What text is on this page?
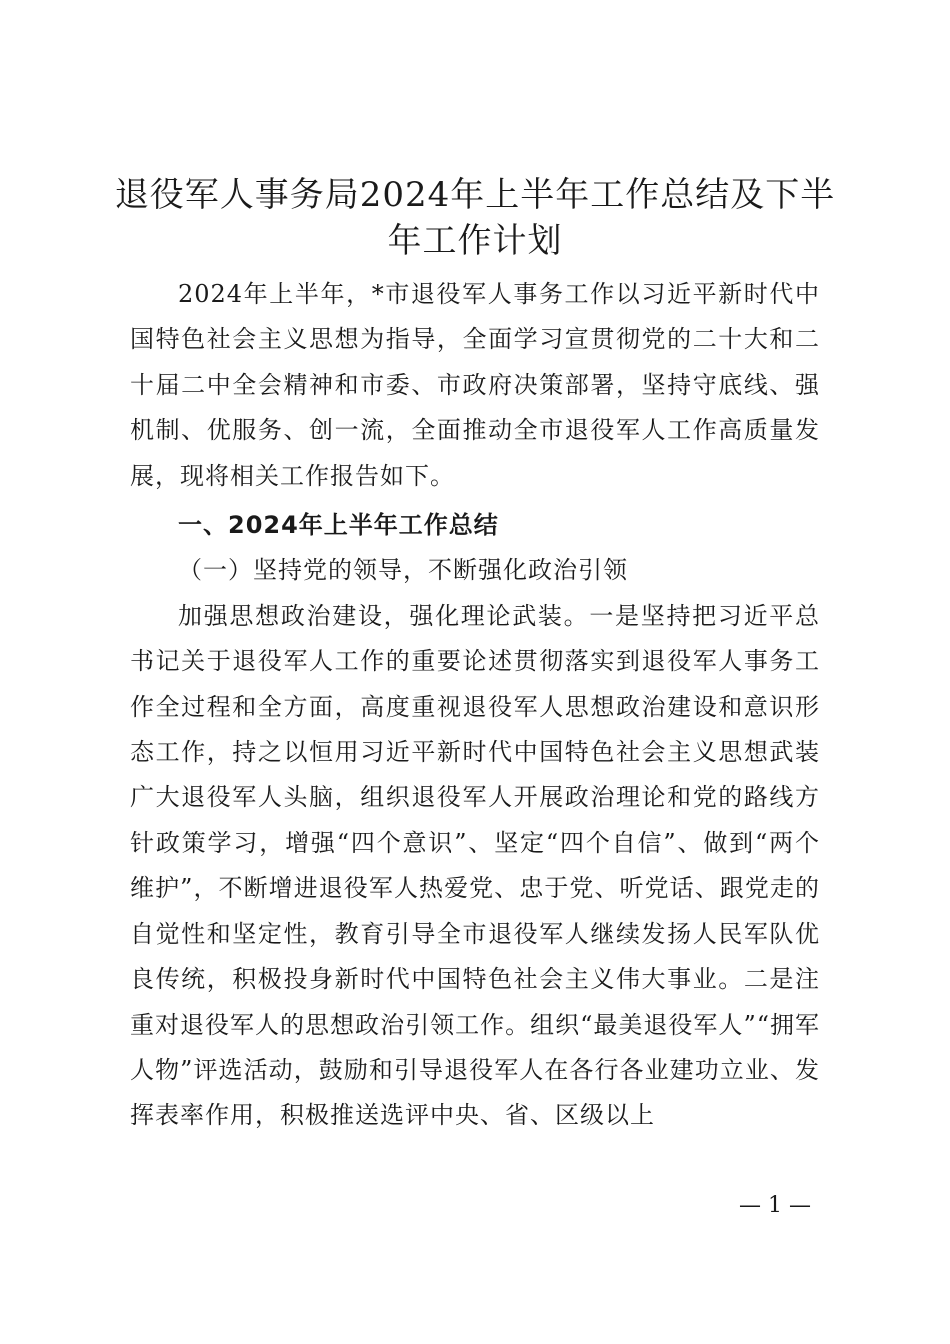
退役军人事务局2024年上半年工作总结及下半年工作计划

2024年上半年，*市退役军人事务工作以习近平新时代中国特色社会主义思想为指导，全面学习宣贯彻党的二十大和二十届二中全会精神和市委、市政府决策部署，坚持守底线、强机制、优服务、创一流，全面推动全市退役军人工作高质量发展，现将相关工作报告如下。

一、2024年上半年工作总结

（一）坚持党的领导，不断强化政治引领

加强思想政治建设，强化理论武装。一是坚持把习近平总书记关于退役军人工作的重要论述贯彻落实到退役军人事务工作全过程和全方面，高度重视退役军人思想政治建设和意识形态工作，持之以恒用习近平新时代中国特色社会主义思想武装广大退役军人头脑，组织退役军人开展政治理论和党的路线方针政策学习，增强“四个意识”、坚定“四个自信”、做到“两个维护”，不断增进退役军人热爱党、忠于党、听党话、跟党走的自觉性和坚定性，教育引导全市退役军人继续发扬人民军队优良传统，积极投身新时代中国特色社会主义伟大事业。二是注重对退役军人的思想政治引领工作。组织“最美退役军人”“拥军人物”评选活动，鼓励和引导退役军人在各行各业建功立业、发挥表率作用，积极推送选评中央、省、区级以上

— 1 —
